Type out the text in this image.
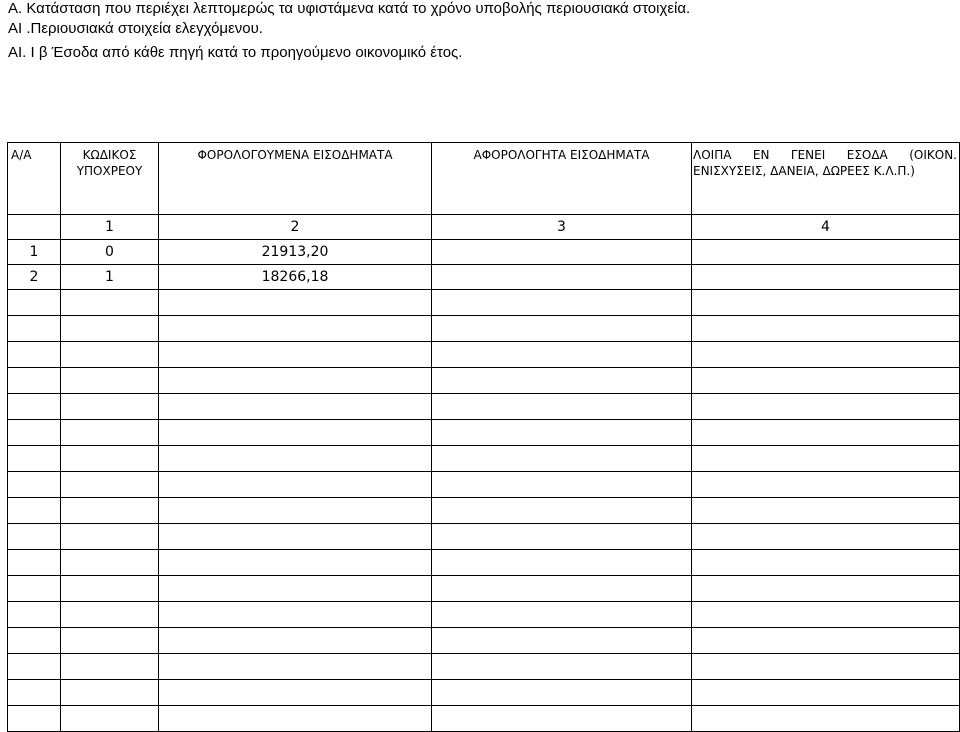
Α. Κατάσταση που περιέχει λεπτομερώς τα υφιστάμενα κατά το χρόνο υποβολής περιουσιακά στοιχεία.
ΑΙ .Περιουσιακά στοιχεία ελεγχόμενου.
ΑΙ. Ι β Έσοδα από κάθε πηγή κατά το προηγούμενο οικονομικό έτος.
Α/Α	ΚΩΔΙΚΟΣ ΥΠΟΧΡΕΟΥ	ΦΟΡΟΛΟΓΟΥΜΕΝΑ ΕΙΣΟΔΗΜΑΤΑ	ΑΦΟΡΟΛΟΓΗΤΑ ΕΙΣΟΔΗΜΑΤΑ	ΛΟΙΠΑ ΕΝ ΓΕΝΕΙ ΕΣΟΔΑ (ΟΙΚΟΝ. ΕΝΙΣΧΥΣΕΙΣ, ΔΑΝΕΙΑ, ΔΩΡΕΕΣ Κ.Λ.Π.)
	1	2	3	4
1	0	21913,20		
2	1	18266,18		
